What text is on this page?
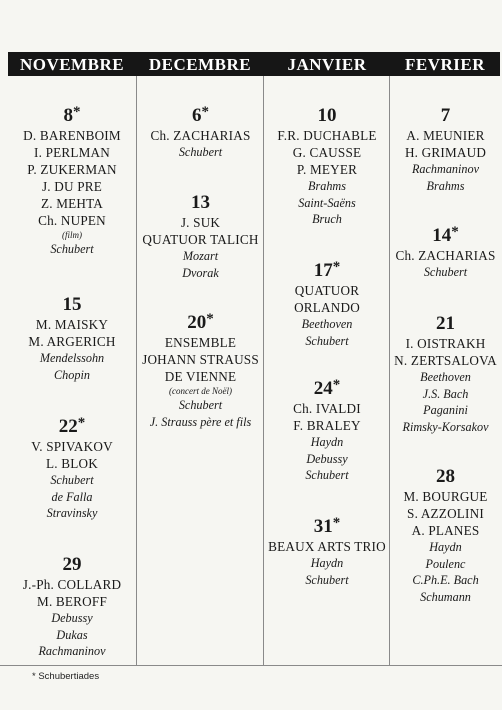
NOVEMBRE	DECEMBRE	JANVIER	FEVRIER
8*
D. BARENBOIM
I. PERLMAN
P. ZUKERMAN
J. DU PRE
Z. MEHTA
Ch. NUPEN
(film)
Schubert
15
M. MAISKY
M. ARGERICH
Mendelssohn
Chopin
22*
V. SPIVAKOV
L. BLOK
Schubert
de Falla
Stravinsky
29
J.-Ph. COLLARD
M. BEROFF
Debussy
Dukas
Rachmaninov
6*
Ch. ZACHARIAS
Schubert
13
J. SUK
QUATUOR TALICH
Mozart
Dvorak
20*
ENSEMBLE
JOHANN STRAUSS
DE VIENNE
(concert de Noël)
Schubert
J. Strauss père et fils
10
F.R. DUCHABLE
G. CAUSSE
P. MEYER
Brahms
Saint-Saëns
Bruch
17*
QUATUOR
ORLANDO
Beethoven
Schubert
24*
Ch. IVALDI
F. BRALEY
Haydn
Debussy
Schubert
31*
BEAUX ARTS TRIO
Haydn
Schubert
7
A. MEUNIER
H. GRIMAUD
Rachmaninov
Brahms
14*
Ch. ZACHARIAS
Schubert
21
I. OISTRAKH
N. ZERTSALOVA
Beethoven
J.S. Bach
Paganini
Rimsky-Korsakov
28
M. BOURGUE
S. AZZOLINI
A. PLANES
Haydn
Poulenc
C.Ph.E. Bach
Schumann
* Schubertiades
